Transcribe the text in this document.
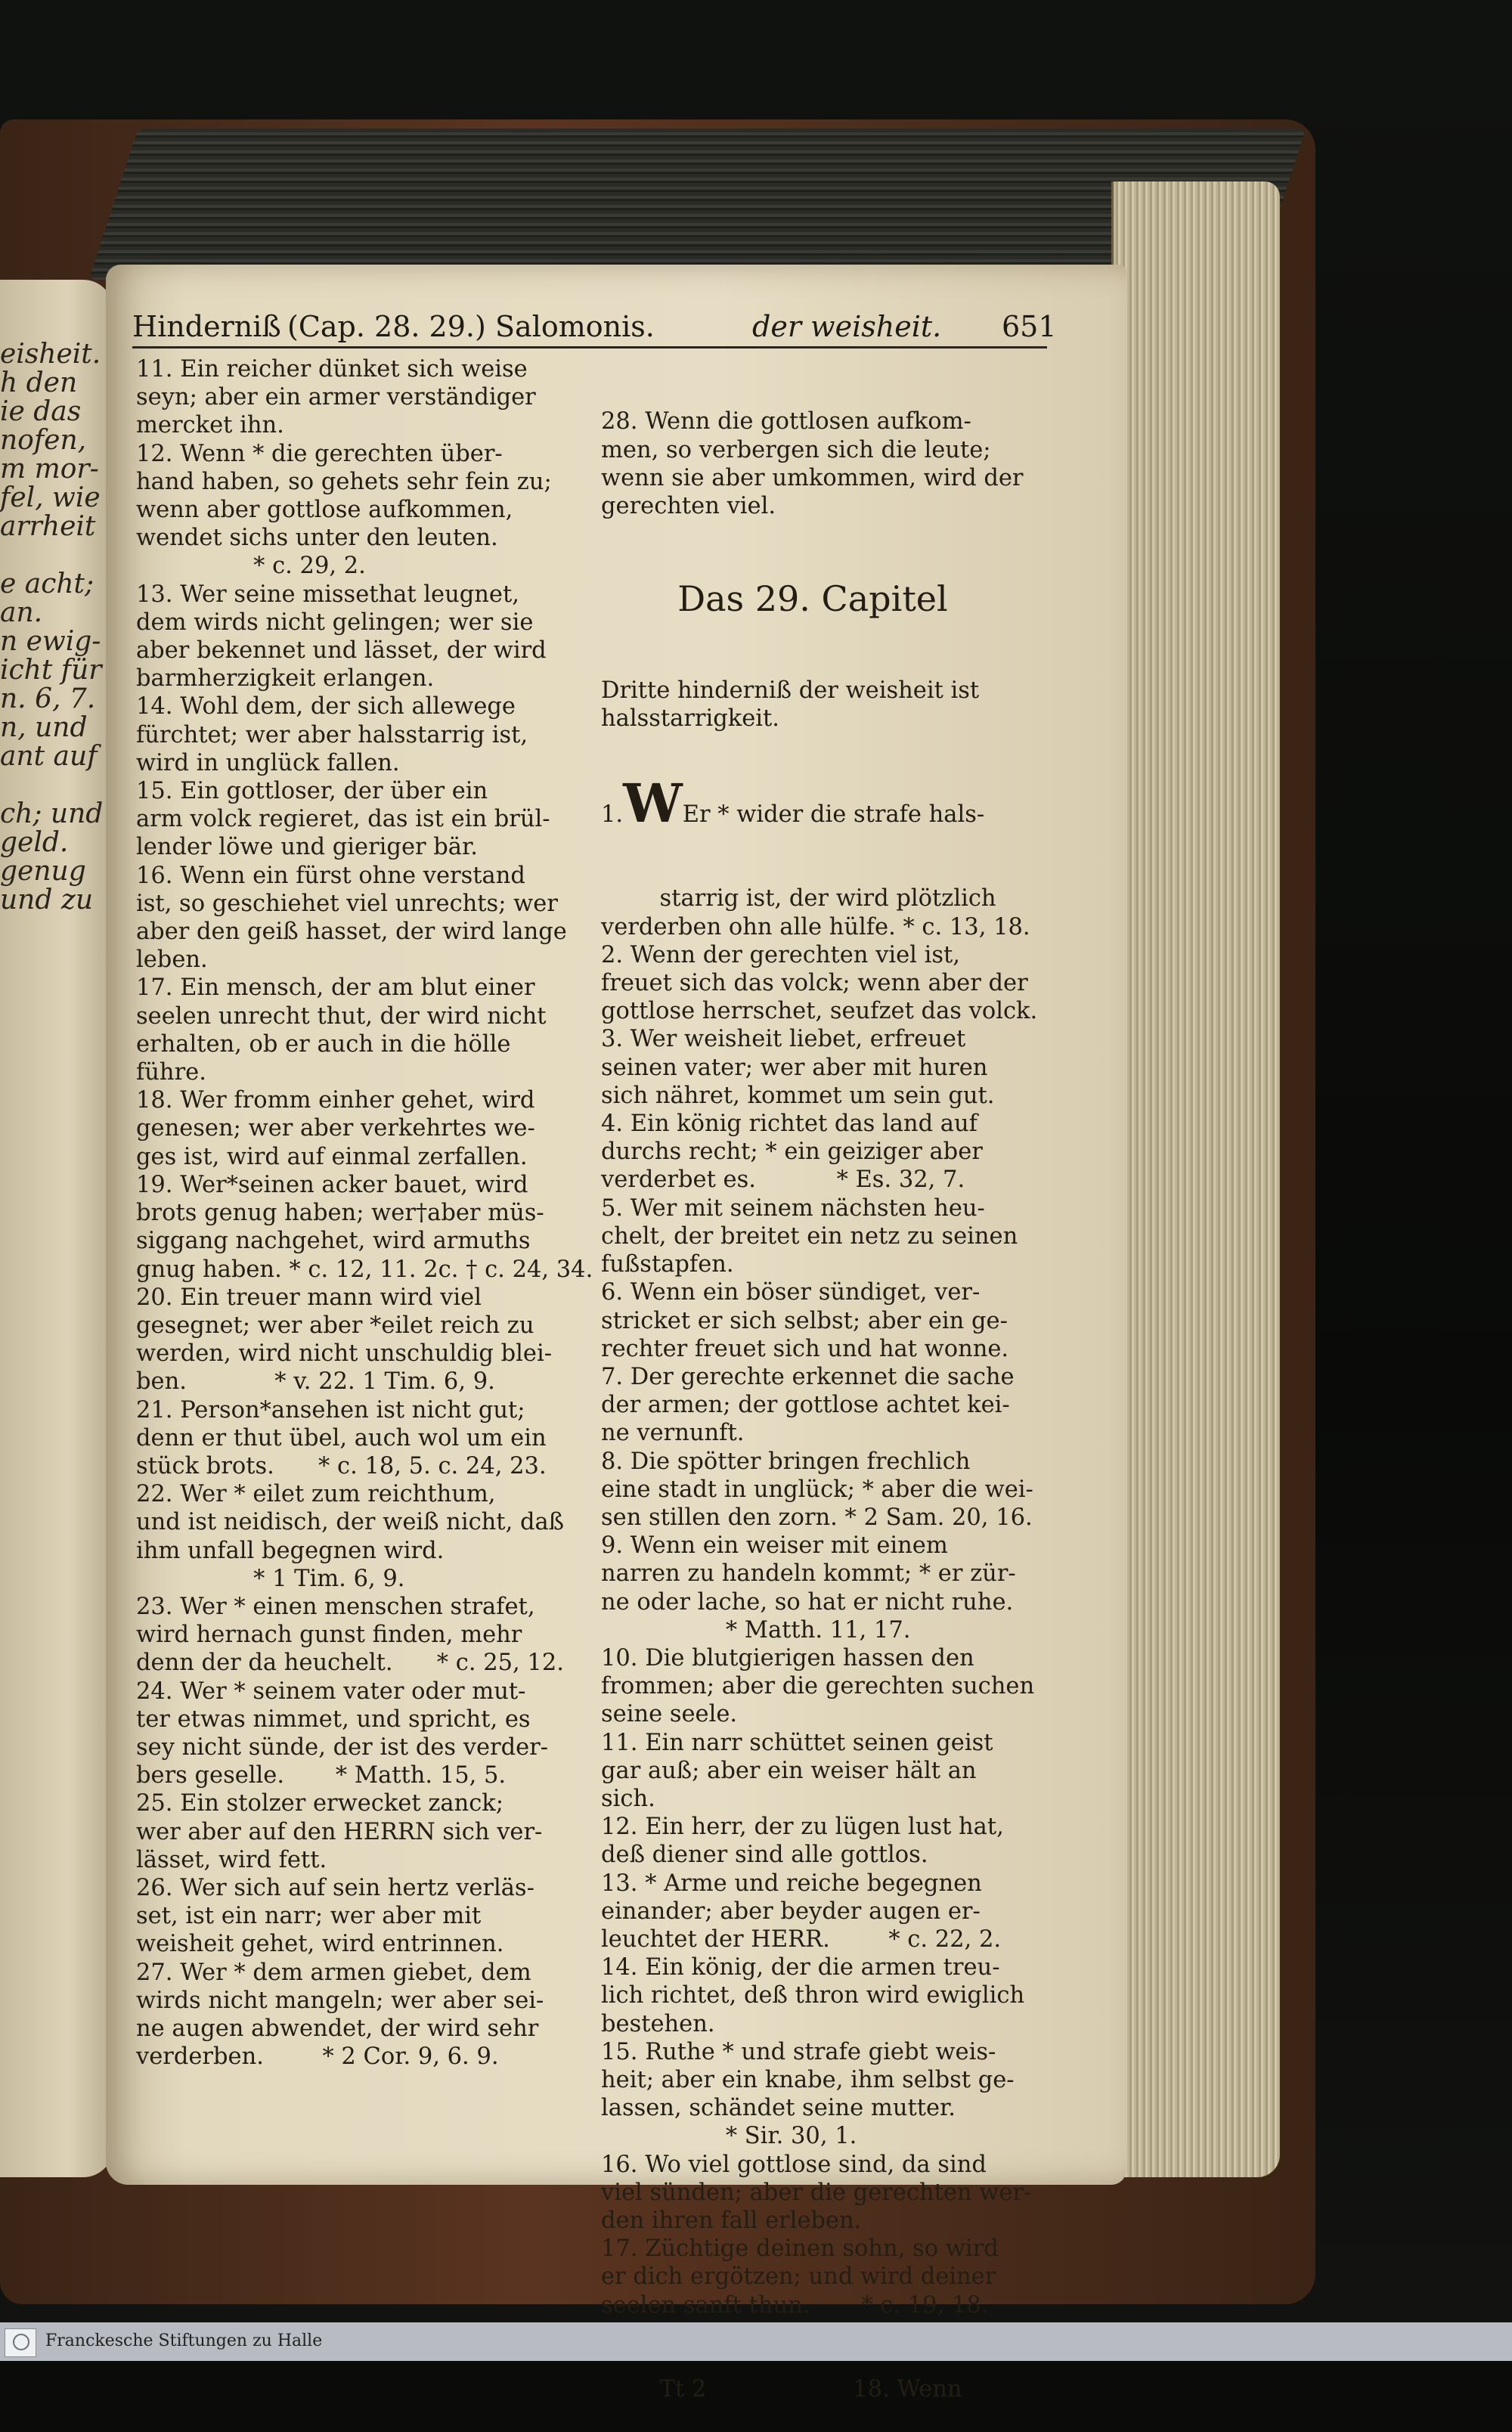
eisheit.
h den
ie das
nofen,
m mor-
fel, wie
arrheit

e acht;
an.
n ewig-
icht für
n. 6, 7.
n, und
ant auf

ch; und
geld.
genug
und zu
Hinderniß (Cap. 28. 29.) Salomonis.	der weisheit. 651
11. Ein reicher dünket sich weise
seyn; aber ein armer verständiger
mercket ihn.
12. Wenn * die gerechten über-
hand haben, so gehets sehr fein zu;
wenn aber gottlose aufkommen,
wendet sichs unter den leuten.
* c. 29, 2.
13. Wer seine missethat leugnet,
dem wirds nicht gelingen; wer sie
aber bekennet und lässet, der wird
barmherzigkeit erlangen.
14. Wohl dem, der sich allewege
fürchtet; wer aber halsstarrig ist,
wird in unglück fallen.
15. Ein gottloser, der über ein
arm volck regieret, das ist ein brül-
lender löwe und gieriger bär.
16. Wenn ein fürst ohne verstand
ist, so geschiehet viel unrechts; wer
aber den geiß hasset, der wird lange
leben.
17. Ein mensch, der am blut einer
seelen unrecht thut, der wird nicht
erhalten, ob er auch in die hölle
führe.
18. Wer fromm einher gehet, wird
genesen; wer aber verkehrtes we-
ges ist, wird auf einmal zerfallen.
19. Wer*seinen acker bauet, wird
brots genug haben; wer†aber müs-
siggang nachgehet, wird armuths
gnug haben. * c. 12, 11. 2c. † c. 24, 34.
20. Ein treuer mann wird viel
gesegnet; wer aber *eilet reich zu
werden, wird nicht unschuldig blei-
ben.            * v. 22. 1 Tim. 6, 9.
21. Person*ansehen ist nicht gut;
denn er thut übel, auch wol um ein
stück brots.      * c. 18, 5. c. 24, 23.
22. Wer * eilet zum reichthum,
und ist neidisch, der weiß nicht, daß
ihm unfall begegnen wird.
* 1 Tim. 6, 9.
23. Wer * einen menschen strafet,
wird hernach gunst finden, mehr
denn der da heuchelt.      * c. 25, 12.
24. Wer * seinem vater oder mut-
ter etwas nimmet, und spricht, es
sey nicht sünde, der ist des verder-
bers geselle.       * Matth. 15, 5.
25. Ein stolzer erwecket zanck;
wer aber auf den HERRN sich ver-
lässet, wird fett.
26. Wer sich auf sein hertz verläs-
set, ist ein narr; wer aber mit
weisheit gehet, wird entrinnen.
27. Wer * dem armen giebet, dem
wirds nicht mangeln; wer aber sei-
ne augen abwendet, der wird sehr
verderben.        * 2 Cor. 9, 6. 9.

28. Wenn die gottlosen aufkom-
men, so verbergen sich die leute;
wenn sie aber umkommen, wird der
gerechten viel.

Das 29. Capitel

Dritte hinderniß der weisheit ist
halsstarrigkeit.

1.WEr * wider die strafe hals-

starrig ist, der wird plötzlich
verderben ohn alle hülfe. * c. 13, 18.
2. Wenn der gerechten viel ist,
freuet sich das volck; wenn aber der
gottlose herrschet, seufzet das volck.
3. Wer weisheit liebet, erfreuet
seinen vater; wer aber mit huren
sich nähret, kommet um sein gut.
4. Ein könig richtet das land auf
durchs recht; * ein geiziger aber
verderbet es.           * Es. 32, 7.
5. Wer mit seinem nächsten heu-
chelt, der breitet ein netz zu seinen
fußstapfen.
6. Wenn ein böser sündiget, ver-
stricket er sich selbst; aber ein ge-
rechter freuet sich und hat wonne.
7. Der gerechte erkennet die sache
der armen; der gottlose achtet kei-
ne vernunft.
8. Die spötter bringen frechlich
eine stadt in unglück; * aber die wei-
sen stillen den zorn. * 2 Sam. 20, 16.
9. Wenn ein weiser mit einem
narren zu handeln kommt; * er zür-
ne oder lache, so hat er nicht ruhe.
* Matth. 11, 17.
10. Die blutgierigen hassen den
frommen; aber die gerechten suchen
seine seele.
11. Ein narr schüttet seinen geist
gar auß; aber ein weiser hält an
sich.
12. Ein herr, der zu lügen lust hat,
deß diener sind alle gottlos.
13. * Arme und reiche begegnen
einander; aber beyder augen er-
leuchtet der HERR.        * c. 22, 2.
14. Ein könig, der die armen treu-
lich richtet, deß thron wird ewiglich
bestehen.
15. Ruthe * und strafe giebt weis-
heit; aber ein knabe, ihm selbst ge-
lassen, schändet seine mutter.
* Sir. 30, 1.
16. Wo viel gottlose sind, da sind
viel sünden; aber die gerechten wer-
den ihren fall erleben.
17. Züchtige deinen sohn, so wird
er dich ergötzen; und wird deiner
seelen sanft thun.       * c. 19, 18.

Tt 2	18. Wenn

Franckesche Stiftungen zu Halle
